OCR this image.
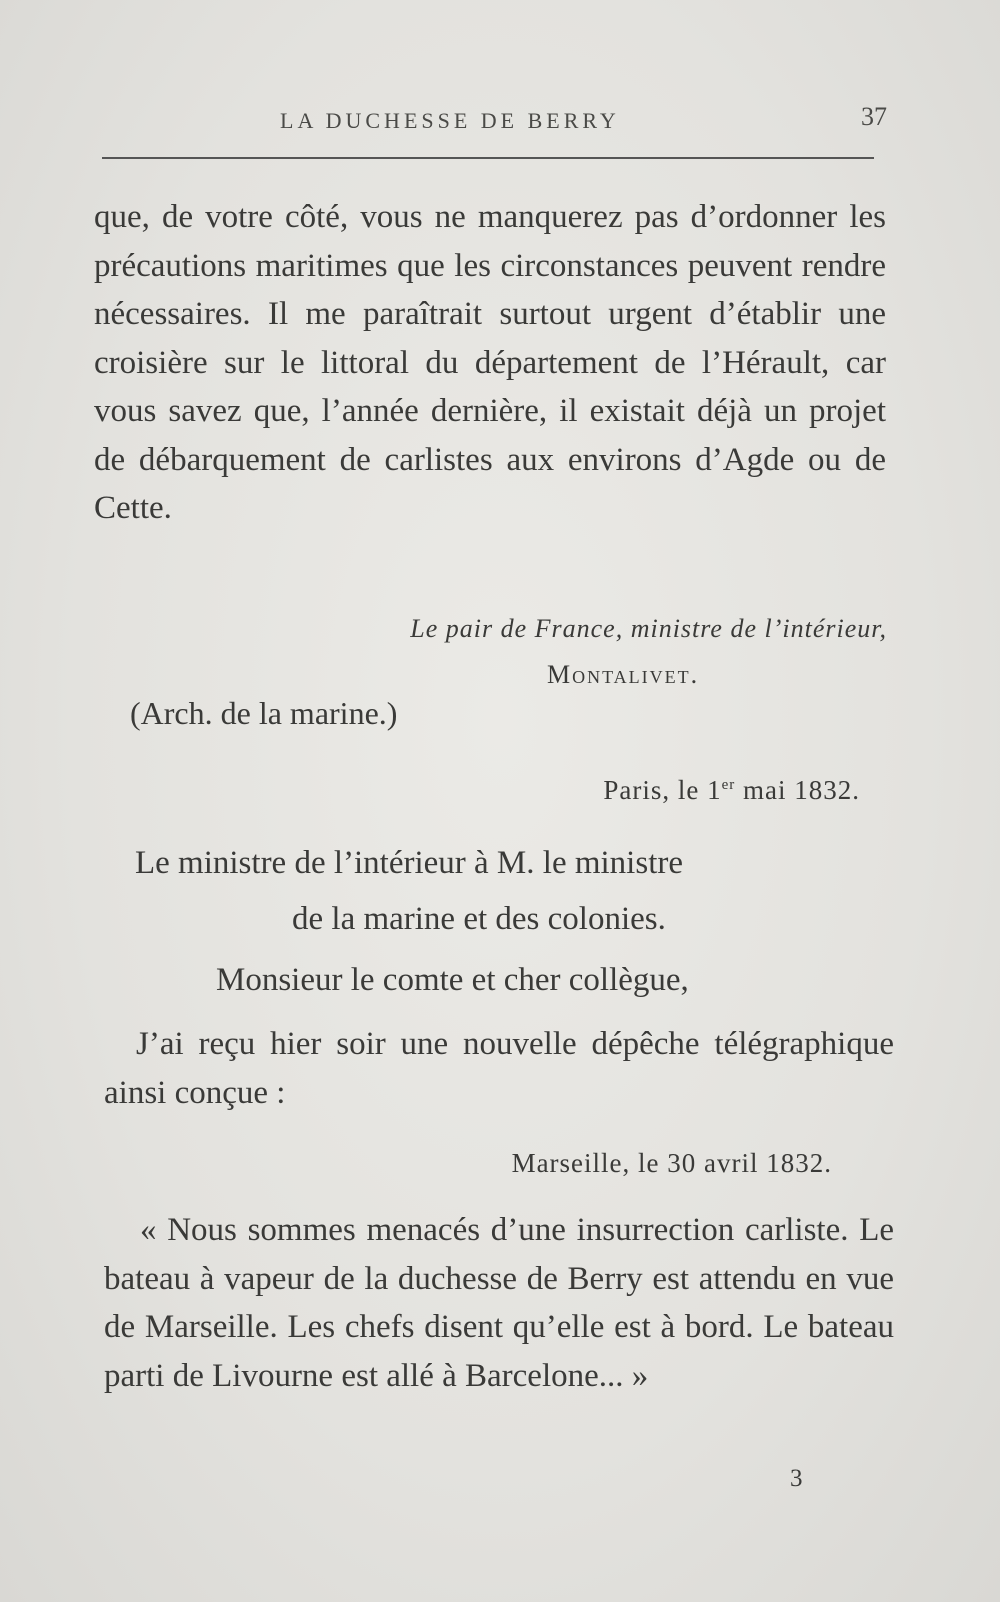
LA DUCHESSE DE BERRY	37

que, de votre côté, vous ne manquerez pas d’ordonner les précautions maritimes que les circonstances peuvent rendre nécessaires. Il me paraîtrait surtout urgent d’établir une croisière sur le littoral du département de l’Hérault, car vous savez que, l’année dernière, il existait déjà un projet de débarquement de carlistes aux environs d’Agde ou de Cette.

Le pair de France, ministre de l’intérieur,
Montalivet.
(Arch. de la marine.)
Paris, le 1er mai 1832.
Le ministre de l’intérieur à M. le ministre
de la marine et des colonies.
Monsieur le comte et cher collègue,

J’ai reçu hier soir une nouvelle dépêche télégraphique ainsi conçue :

Marseille, le 30 avril 1832.

« Nous sommes menacés d’une insurrection carliste. Le bateau à vapeur de la duchesse de Berry est attendu en vue de Marseille. Les chefs disent qu’elle est à bord. Le bateau parti de Livourne est allé à Barcelone... »

3
